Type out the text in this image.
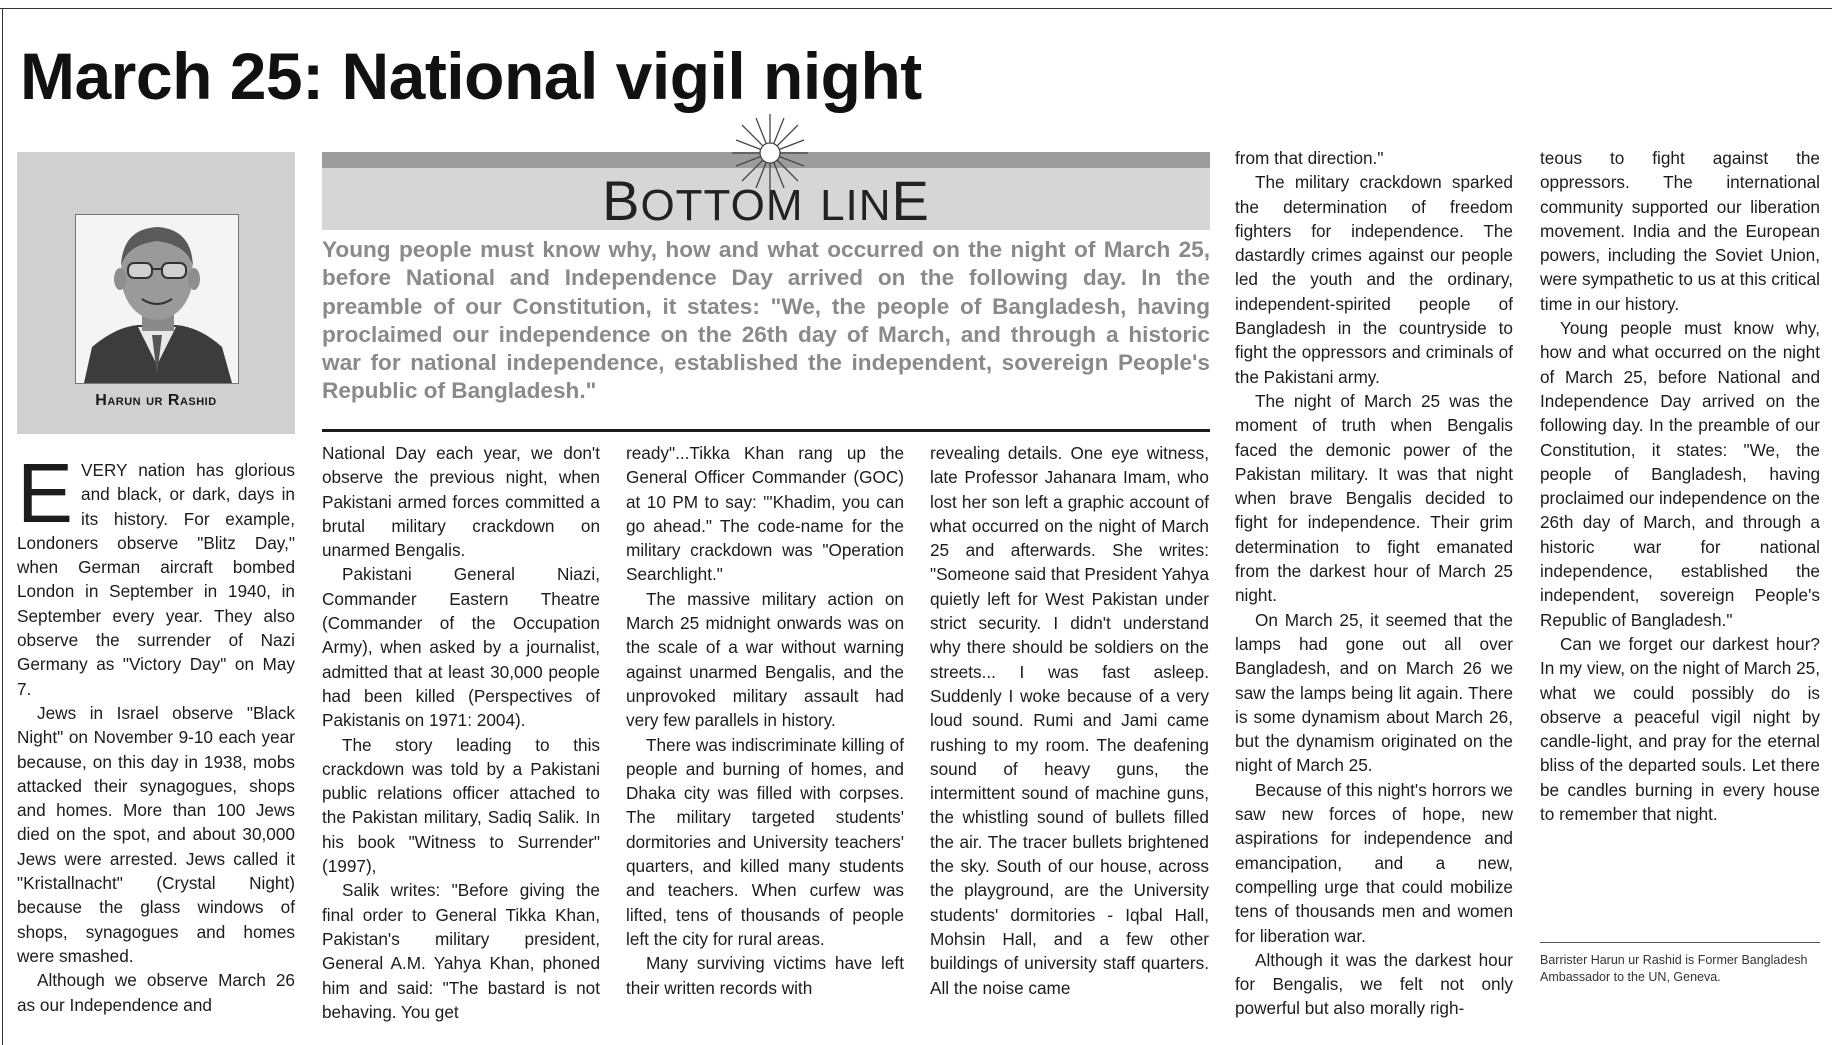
March 25: National vigil night
Harun ur Rashid
BOTTOM LINE
Young people must know why, how and what occurred on the night of March 25, before National and Independence Day arrived on the following day. In the preamble of our Constitution, it states: "We, the people of Bangladesh, having proclaimed our independence on the 26th day of March, and through a historic war for national independence, established the independent, sovereign People's Republic of Bangladesh."

EVERY nation has glorious and black, or dark, days in its history. For example, Londoners observe "Blitz Day," when German aircraft bombed London in September in 1940, in September every year. They also observe the surrender of Nazi Germany as "Victory Day" on May 7.

Jews in Israel observe "Black Night" on November 9-10 each year because, on this day in 1938, mobs attacked their synagogues, shops and homes. More than 100 Jews died on the spot, and about 30,000 Jews were arrested. Jews called it "Kristallnacht" (Crystal Night) because the glass windows of shops, synagogues and homes were smashed.

Although we observe March 26 as our Independence and

National Day each year, we don't observe the previous night, when Pakistani armed forces committed a brutal military crackdown on unarmed Bengalis.

Pakistani General Niazi, Commander Eastern Theatre (Commander of the Occupation Army), when asked by a journalist, admitted that at least 30,000 people had been killed (Perspectives of Pakistanis on 1971: 2004).

The story leading to this crackdown was told by a Pakistani public relations officer attached to the Pakistan military, Sadiq Salik. In his book "Witness to Surrender" (1997),

Salik writes: "Before giving the final order to General Tikka Khan, Pakistan's military president, General A.M. Yahya Khan, phoned him and said: "The bastard is not behaving. You get

ready"...Tikka Khan rang up the General Officer Commander (GOC) at 10 PM to say: "'Khadim, you can go ahead." The code-name for the military crackdown was "Operation Searchlight."

The massive military action on March 25 midnight onwards was on the scale of a war without warning against unarmed Bengalis, and the unprovoked military assault had very few parallels in history.

There was indiscriminate killing of people and burning of homes, and Dhaka city was filled with corpses. The military targeted students' dormitories and University teachers' quarters, and killed many students and teachers. When curfew was lifted, tens of thousands of people left the city for rural areas.

Many surviving victims have left their written records with

revealing details. One eye witness, late Professor Jahanara Imam, who lost her son left a graphic account of what occurred on the night of March 25 and afterwards. She writes: "Someone said that President Yahya quietly left for West Pakistan under strict security. I didn't understand why there should be soldiers on the streets... I was fast asleep. Suddenly I woke because of a very loud sound. Rumi and Jami came rushing to my room. The deafening sound of heavy guns, the intermittent sound of machine guns, the whistling sound of bullets filled the air. The tracer bullets brightened the sky. South of our house, across the playground, are the University students' dormitories - Iqbal Hall, Mohsin Hall, and a few other buildings of university staff quarters. All the noise came

from that direction."

The military crackdown sparked the determination of freedom fighters for independence. The dastardly crimes against our people led the youth and the ordinary, independent-spirited people of Bangladesh in the countryside to fight the oppressors and criminals of the Pakistani army.

The night of March 25 was the moment of truth when Bengalis faced the demonic power of the Pakistan military. It was that night when brave Bengalis decided to fight for independence. Their grim determination to fight emanated from the darkest hour of March 25 night.

On March 25, it seemed that the lamps had gone out all over Bangladesh, and on March 26 we saw the lamps being lit again. There is some dynamism about March 26, but the dynamism originated on the night of March 25.

Because of this night's horrors we saw new forces of hope, new aspirations for independence and emancipation, and a new, compelling urge that could mobilize tens of thousands men and women for liberation war.

Although it was the darkest hour for Bengalis, we felt not only powerful but also morally righ-

teous to fight against the oppressors. The international community supported our liberation movement. India and the European powers, including the Soviet Union, were sympathetic to us at this critical time in our history.

Young people must know why, how and what occurred on the night of March 25, before National and Independence Day arrived on the following day. In the preamble of our Constitution, it states: "We, the people of Bangladesh, having proclaimed our independence on the 26th day of March, and through a historic war for national independence, established the independent, sovereign People's Republic of Bangladesh."

Can we forget our darkest hour? In my view, on the night of March 25, what we could possibly do is observe a peaceful vigil night by candle-light, and pray for the eternal bliss of the departed souls. Let there be candles burning in every house to remember that night.

Barrister Harun ur Rashid is Former Bangladesh Ambassador to the UN, Geneva.
